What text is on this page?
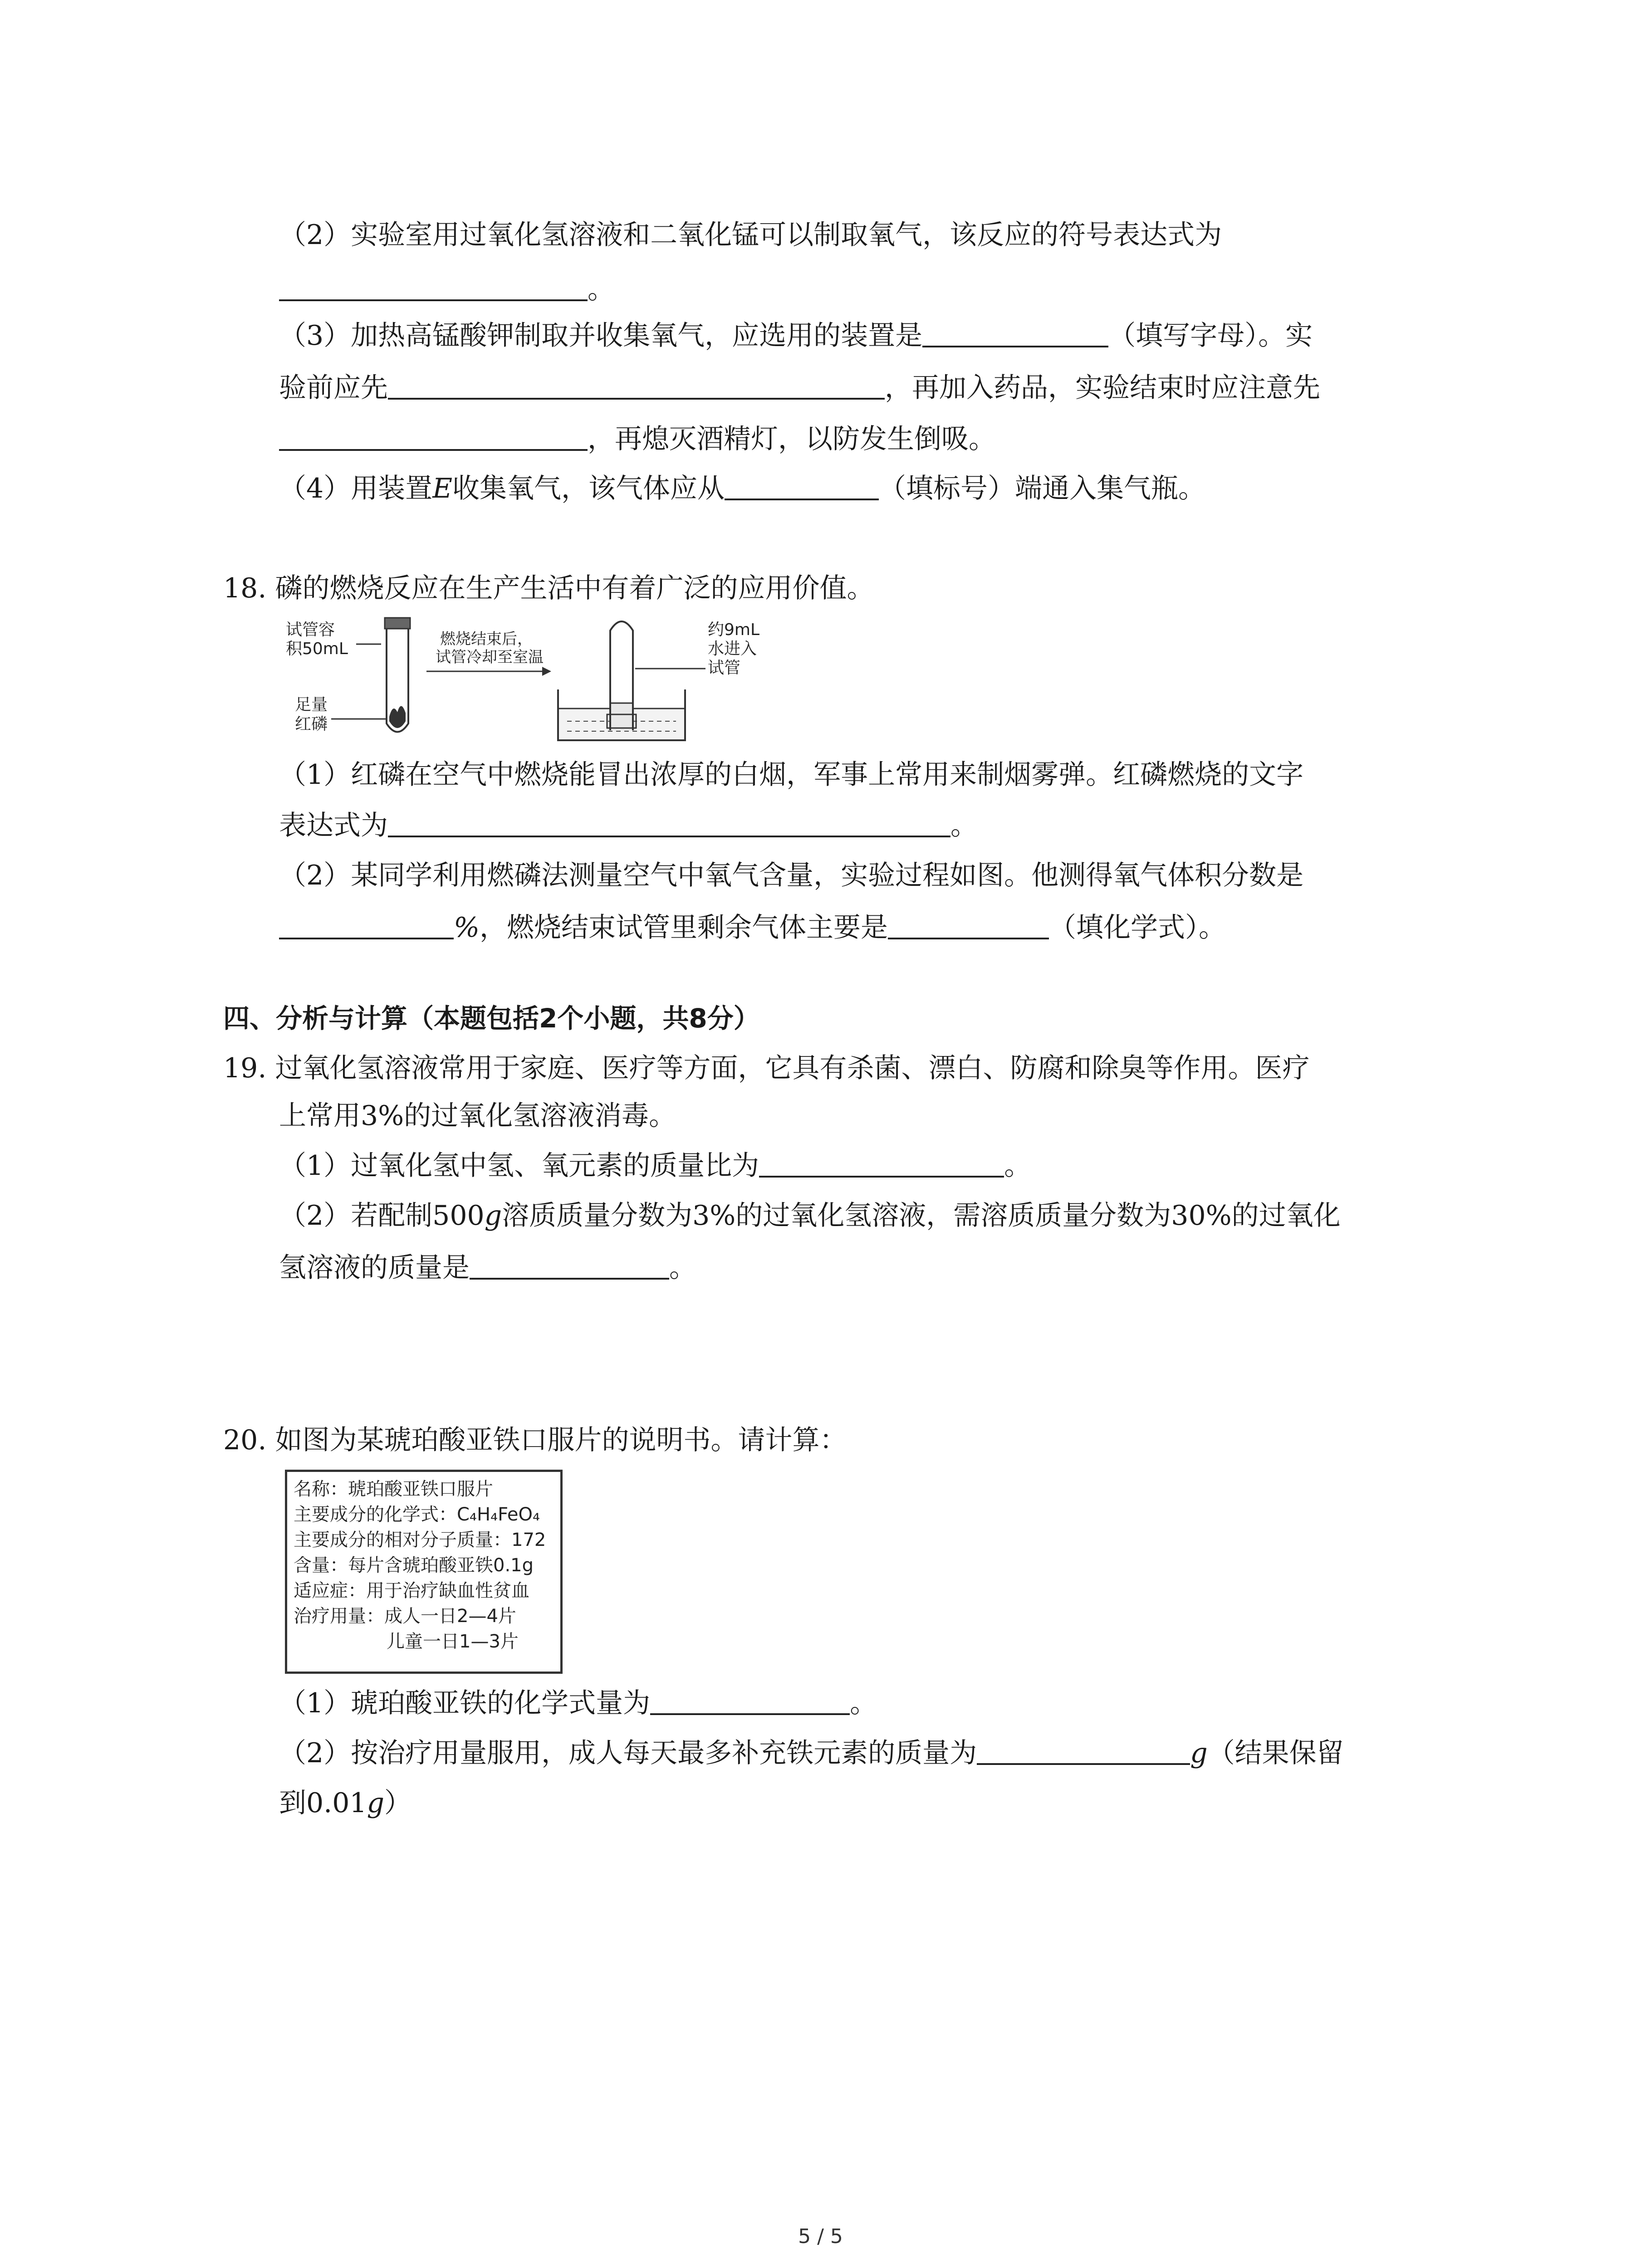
（2）实验室用过氧化氢溶液和二氧化锰可以制取氧气，该反应的符号表达式为
。
（3）加热高锰酸钾制取并收集氧气，应选用的装置是	（填写字母）。实
验前应先	，再加入药品，实验结束时应注意先
，再熄灭酒精灯，以防发生倒吸。
（4）用装置E收集氧气，该气体应从	（填标号）端通入集气瓶。
18. 磷的燃烧反应在生产生活中有着广泛的应用价值。
试管容
积50mL
足量
红磷
燃烧结束后，
试管冷却至室温
约9mL
水进入
试管
（1）红磷在空气中燃烧能冒出浓厚的白烟，军事上常用来制烟雾弹。红磷燃烧的文字
表达式为	。
（2）某同学利用燃磷法测量空气中氧气含量，实验过程如图。他测得氧气体积分数是
%，燃烧结束试管里剩余气体主要是	（填化学式）。
四、分析与计算（本题包括2个小题，共8分）
19. 过氧化氢溶液常用于家庭、医疗等方面，它具有杀菌、漂白、防腐和除臭等作用。医疗
上常用3%的过氧化氢溶液消毒。
（1）过氧化氢中氢、氧元素的质量比为	。
（2）若配制500g溶质质量分数为3%的过氧化氢溶液，需溶质质量分数为30%的过氧化
氢溶液的质量是	。
20. 如图为某琥珀酸亚铁口服片的说明书。请计算：
名称：琥珀酸亚铁口服片
主要成分的化学式：C₄H₄FeO₄
主要成分的相对分子质量：172
含量：每片含琥珀酸亚铁0.1g
适应症：用于治疗缺血性贫血
治疗用量：成人一日2—4片
儿童一日1—3片
（1）琥珀酸亚铁的化学式量为	。
（2）按治疗用量服用，成人每天最多补充铁元素的质量为	g（结果保留
到0.01g）
5 / 5
